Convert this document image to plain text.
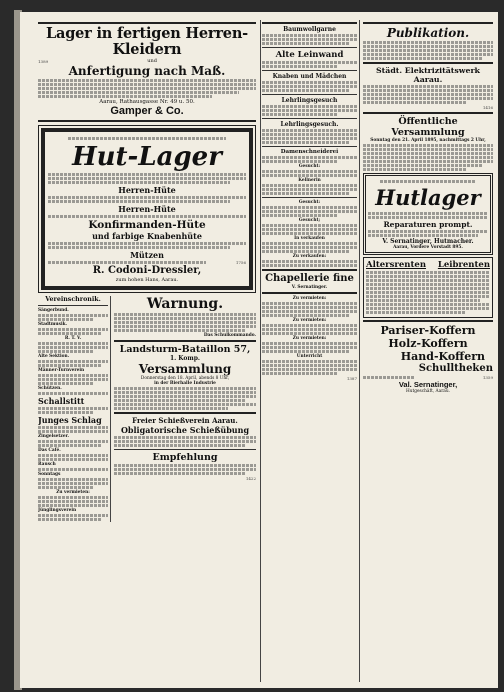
Lager in fertigen Herren-Kleidern
1389	und
Anfertigung nach Maß.
Aarau, Rathausgasse Nr. 49 u. 50.
Gamper & Co.
Hut-Lager
Herren-Hüte
Herren-Hüte
Konfirmanden-Hüte
und farbige Knabenhüte
Mützen
1756
R. Codoni-Dressler,
zum hohen Hans, Aarau.
Vereinschronik.
Sängerbund.
Stadtmusik.
R. T. V.
Alte Sektion.
Männer-Turnverein
Schützen.
Schallstitt
Junges Schlag
Zingelsetzer.
Das Café.
Rausch
Sonntags
Zu vermieten:
Jünglingsverein
Warnung.
Das Schulkommando.
Landsturm-Bataillon 57,
1. Komp.
Versammlung
Donnerstag den 18. April, abends 8 Uhr,
in der Bierhalle Industrie
Freier Schießverein Aarau.
Obligatorische Schießübung
Empfehlung
1422
Baumwollgarne
Alte Leinwand
Knaben und Mädchen
Lehrlingsgesuch
Lehrlingsgesuch.
Damenschneiderei
Gesucht:
Kellnerin
Gesucht:
Gesucht;
In verkaufen
Zu verkaufen:
Chapellerie fine
V. Sernatinger.
Zu vermieten:
Zu vermieten:
Zu vermieten:
Unterricht
1387
Publikation.
Städt. Elektrizitätswerk Aarau.
1416
Öffentliche Versammlung
Sonntag den 21. April 1895, nachmittags 2 Uhr,
Hutlager
Reparaturen prompt.
V. Sernatinger, Hutmacher.
Aarau, Vordere Vorstadt 895.
Altersrenten Leibrenten
Pariser-Koffern
Holz-Koffern
Hand-Koffern
Schulltheken
1359
Val. Sernatinger,
Hutgeschäft, Aarau.
